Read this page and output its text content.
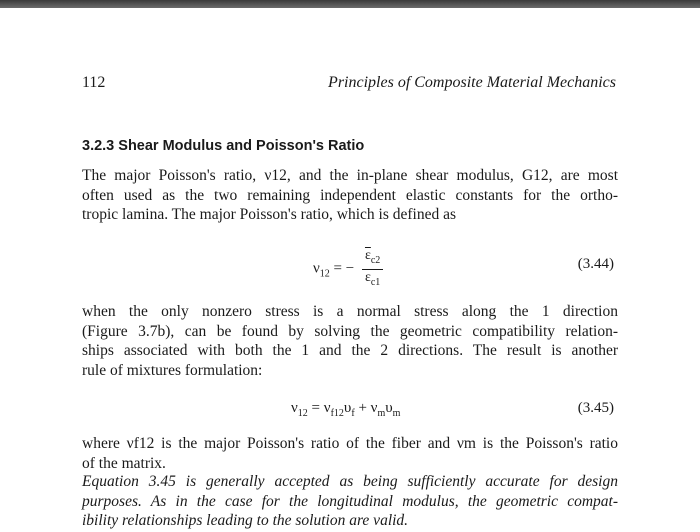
112	Principles of Composite Material Mechanics
3.2.3 Shear Modulus and Poisson's Ratio
The major Poisson's ratio, ν12, and the in-plane shear modulus, G12, are most
often used as the two remaining independent elastic constants for the ortho-
tropic lamina. The major Poisson's ratio, which is defined as
$\nu_{12}$ = − $\frac{\overline{\varepsilon}_{c2}}{\overline{\varepsilon}_{c1}}$	(3.44)
when the only nonzero stress is a normal stress along the 1 direction
(Figure 3.7b), can be found by solving the geometric compatibility relation-
ships associated with both the 1 and the 2 directions. The result is another
rule of mixtures formulation:
$\nu_{12} = \nu_{f12}\upsilon_f + \nu_m\upsilon_m$	(3.45)
where νf12 is the major Poisson's ratio of the fiber and νm is the Poisson's ratio
of the matrix.
Equation 3.45 is generally accepted as being sufficiently accurate for design
purposes. As in the case for the longitudinal modulus, the geometric compat-
ibility relationships leading to the solution are valid.
